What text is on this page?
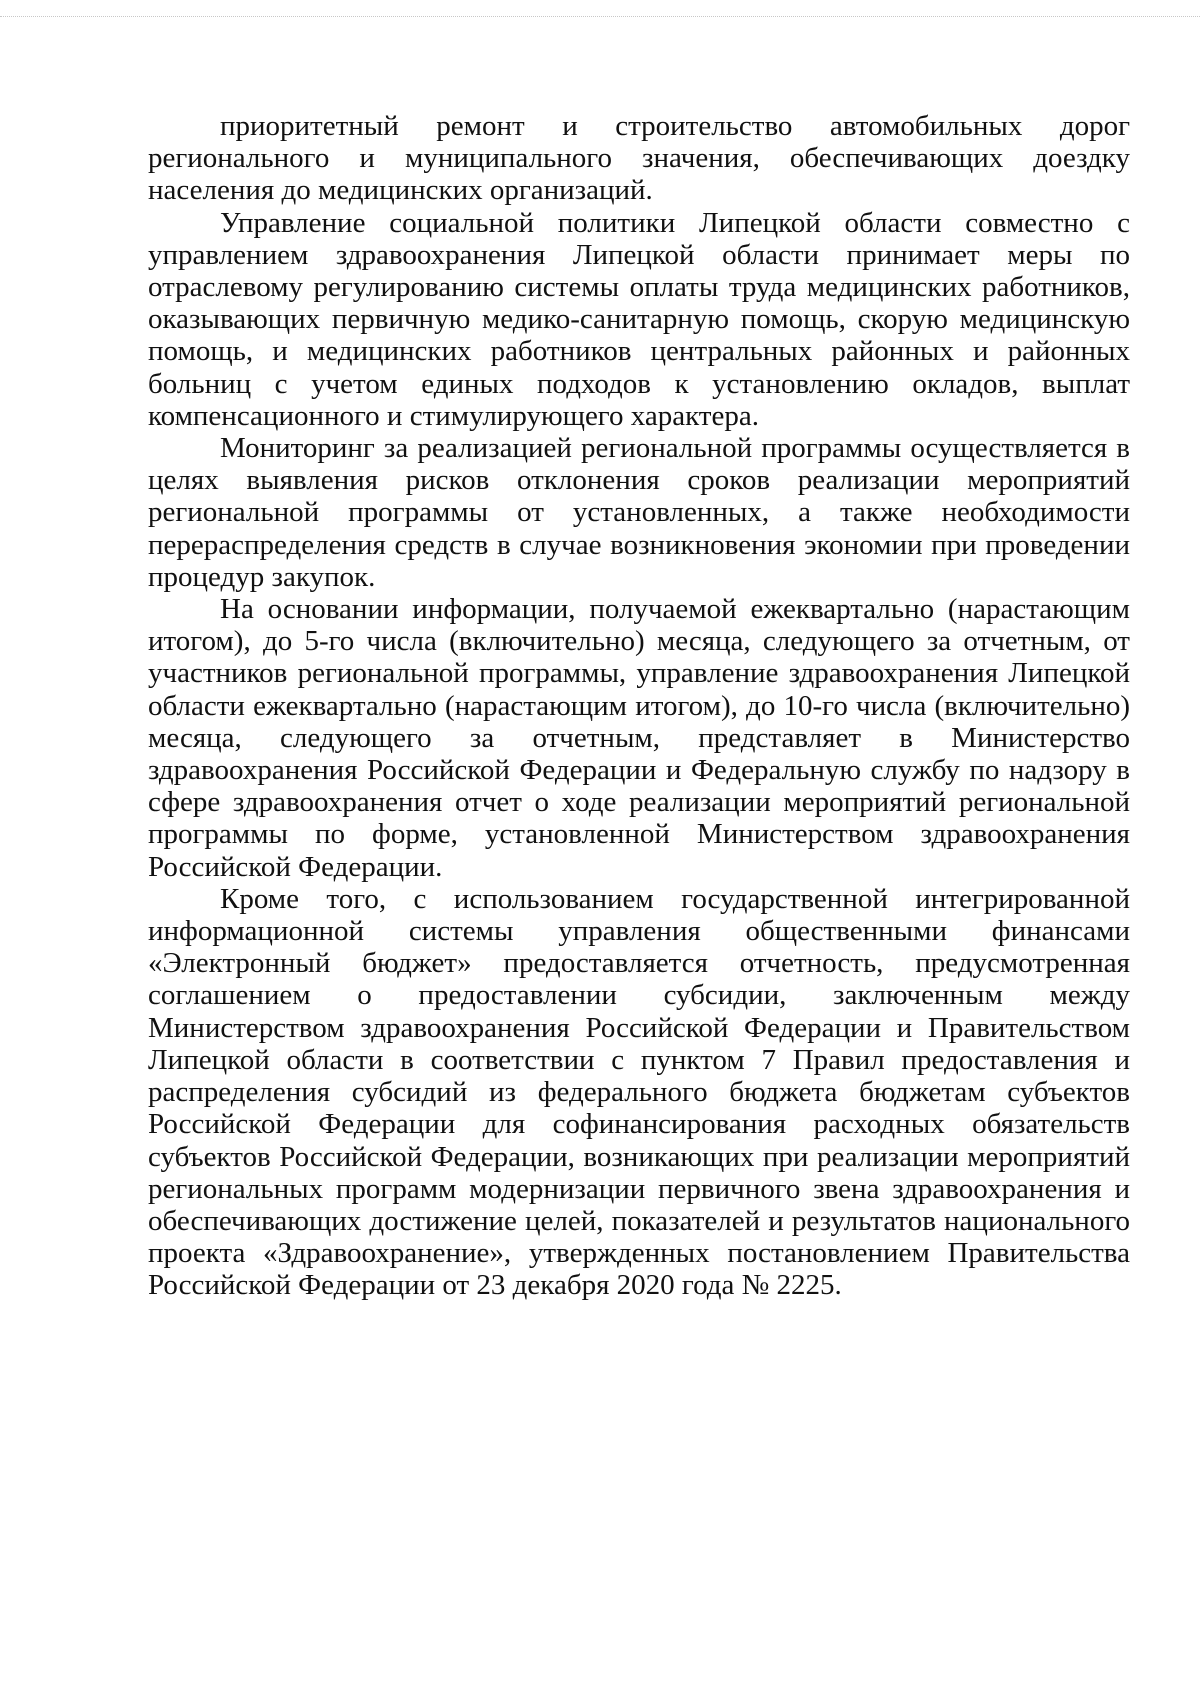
приоритетный ремонт и строительство автомобильных дорог регионального и муниципального значения, обеспечивающих доездку населения до медицинских организаций.

Управление социальной политики Липецкой области совместно с управлением здравоохранения Липецкой области принимает меры по отраслевому регулированию системы оплаты труда медицинских работников, оказывающих первичную медико-санитарную помощь, скорую медицинскую помощь, и медицинских работников центральных районных и районных больниц с учетом единых подходов к установлению окладов, выплат компенсационного и стимулирующего характера.

Мониторинг за реализацией региональной программы осуществляется в целях выявления рисков отклонения сроков реализации мероприятий региональной программы от установленных, а также необходимости перераспределения средств в случае возникновения экономии при проведении процедур закупок.

На основании информации, получаемой ежеквартально (нарастающим итогом), до 5-го числа (включительно) месяца, следующего за отчетным, от участников региональной программы, управление здравоохранения Липецкой области ежеквартально (нарастающим итогом), до 10-го числа (включительно) месяца, следующего за отчетным, представляет в Министерство здравоохранения Российской Федерации и Федеральную службу по надзору в сфере здравоохранения отчет о ходе реализации мероприятий региональной программы по форме, установленной Министерством здравоохранения Российской Федерации.

Кроме того, с использованием государственной интегрированной информационной системы управления общественными финансами «Электронный бюджет» предоставляется отчетность, предусмотренная соглашением о предоставлении субсидии, заключенным между Министерством здравоохранения Российской Федерации и Правительством Липецкой области в соответствии с пунктом 7 Правил предоставления и распределения субсидий из федерального бюджета бюджетам субъектов Российской Федерации для софинансирования расходных обязательств субъектов Российской Федерации, возникающих при реализации мероприятий региональных программ модернизации первичного звена здравоохранения и обеспечивающих достижение целей, показателей и результатов национального проекта «Здравоохранение», утвержденных постановлением Правительства Российской Федерации от 23 декабря 2020 года № 2225.
